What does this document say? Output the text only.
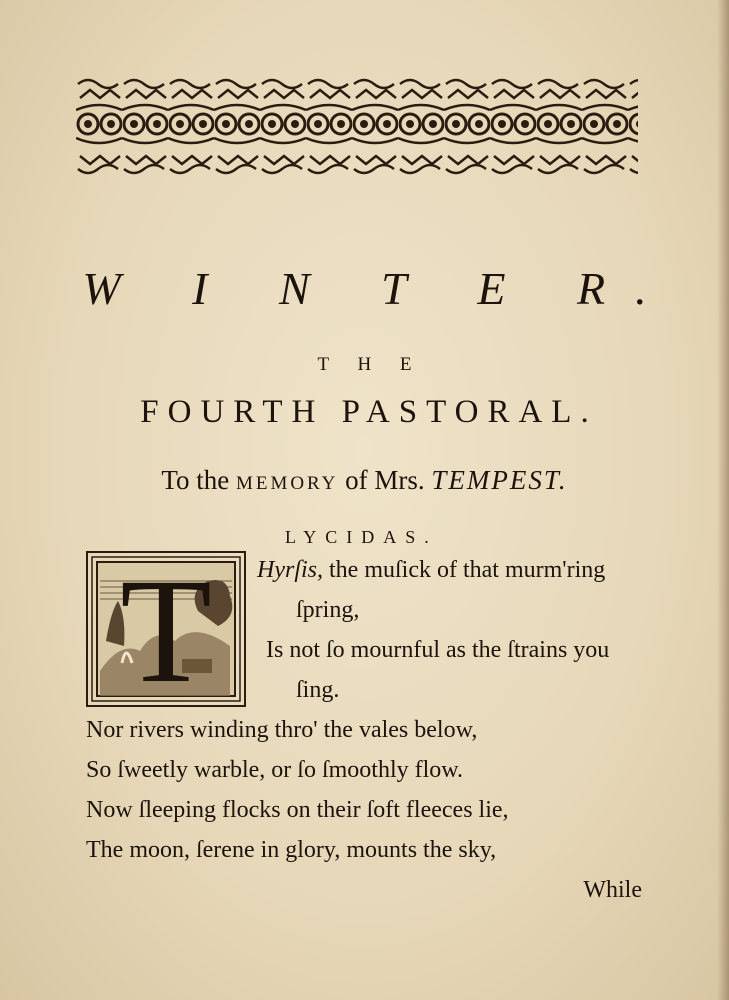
W I N T E R.
T H E
FOURTH PASTORAL.
To the MEMORY of Mrs. TEMPEST.
LYCIDAS.
T Hyrſis, the muſick of that murm'ring
ſpring,
Is not ſo mournful as the ſtrains you
ſing.
Nor rivers winding thro' the vales below,
So ſweetly warble, or ſo ſmoothly flow.
Now ſleeping flocks on their ſoft fleeces lie,
The moon, ſerene in glory, mounts the sky,
While
